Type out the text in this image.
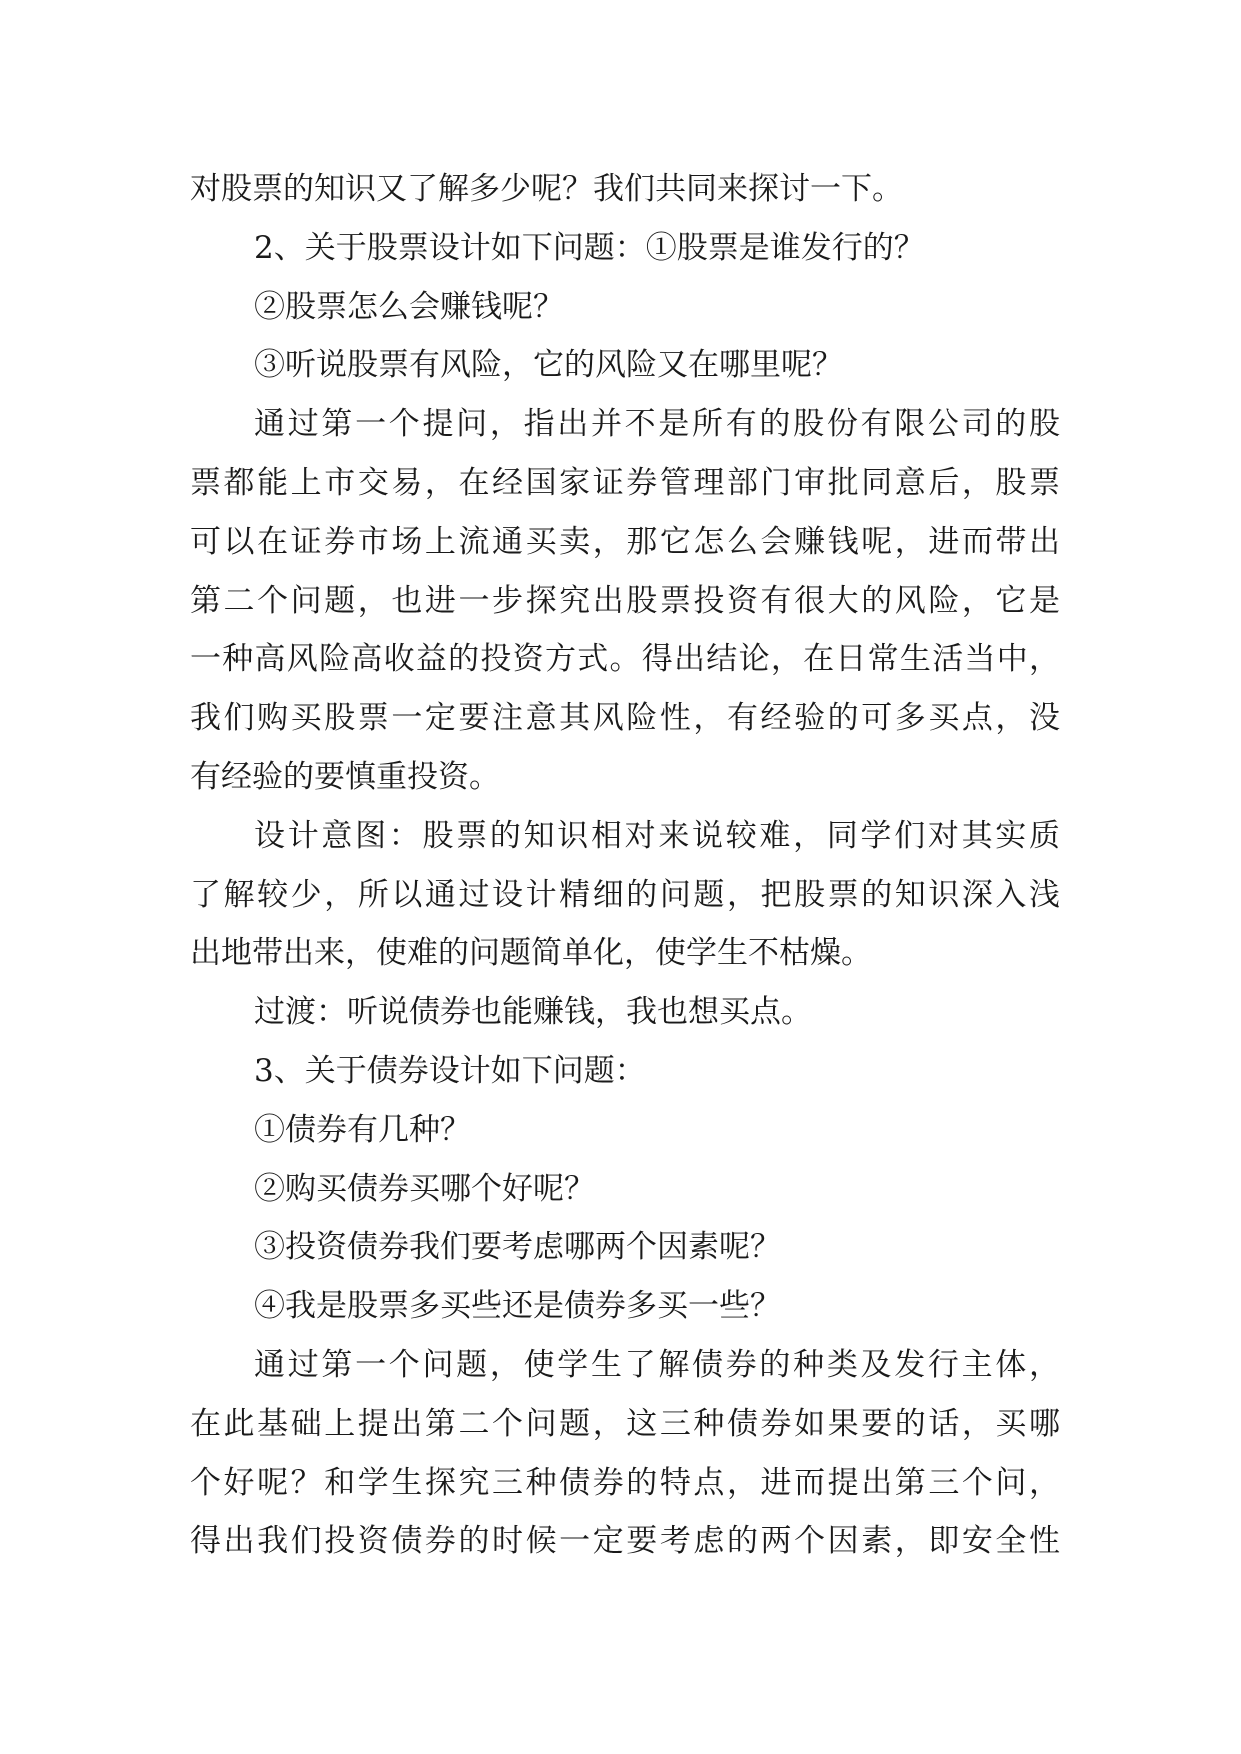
对股票的知识又了解多少呢？我们共同来探讨一下。
2、关于股票设计如下问题：①股票是谁发行的？
②股票怎么会赚钱呢？
③听说股票有风险，它的风险又在哪里呢？
通过第一个提问，指出并不是所有的股份有限公司的股
票都能上市交易，在经国家证券管理部门审批同意后，股票
可以在证券市场上流通买卖，那它怎么会赚钱呢，进而带出
第二个问题，也进一步探究出股票投资有很大的风险，它是
一种高风险高收益的投资方式。得出结论，在日常生活当中，
我们购买股票一定要注意其风险性，有经验的可多买点，没
有经验的要慎重投资。
设计意图：股票的知识相对来说较难，同学们对其实质
了解较少，所以通过设计精细的问题，把股票的知识深入浅
出地带出来，使难的问题简单化，使学生不枯燥。
过渡：听说债券也能赚钱，我也想买点。
3、关于债券设计如下问题：
①债券有几种？
②购买债券买哪个好呢？
③投资债券我们要考虑哪两个因素呢？
④我是股票多买些还是债券多买一些？
通过第一个问题，使学生了解债券的种类及发行主体，
在此基础上提出第二个问题，这三种债券如果要的话，买哪
个好呢？和学生探究三种债券的特点，进而提出第三个问，
得出我们投资债券的时候一定要考虑的两个因素，即安全性
